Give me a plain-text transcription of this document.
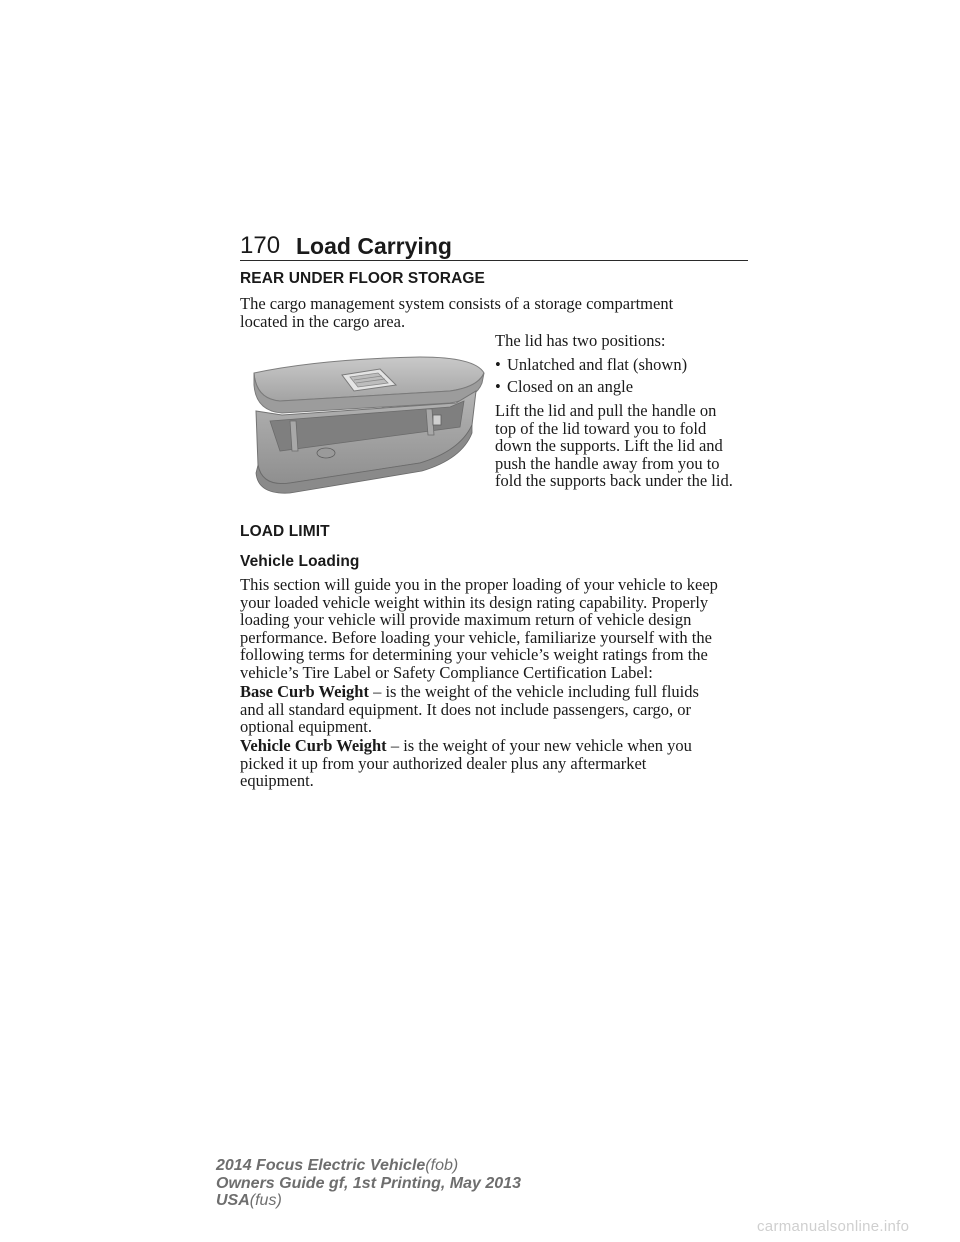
170 Load Carrying
REAR UNDER FLOOR STORAGE
The cargo management system consists of a storage compartment
located in the cargo area.
The lid has two positions:
• Unlatched and flat (shown)
• Closed on an angle
Lift the lid and pull the handle on
top of the lid toward you to fold
down the supports. Lift the lid and
push the handle away from you to
fold the supports back under the lid.
LOAD LIMIT
Vehicle Loading
This section will guide you in the proper loading of your vehicle to keep
your loaded vehicle weight within its design rating capability. Properly
loading your vehicle will provide maximum return of vehicle design
performance. Before loading your vehicle, familiarize yourself with the
following terms for determining your vehicle’s weight ratings from the
vehicle’s Tire Label or Safety Compliance Certification Label:
Base Curb Weight – is the weight of the vehicle including full fluids
and all standard equipment. It does not include passengers, cargo, or
optional equipment.
Vehicle Curb Weight – is the weight of your new vehicle when you
picked it up from your authorized dealer plus any aftermarket
equipment.
2014 Focus Electric Vehicle(fob)
Owners Guide gf, 1st Printing, May 2013
USA(fus)
carmanualsonline.info
